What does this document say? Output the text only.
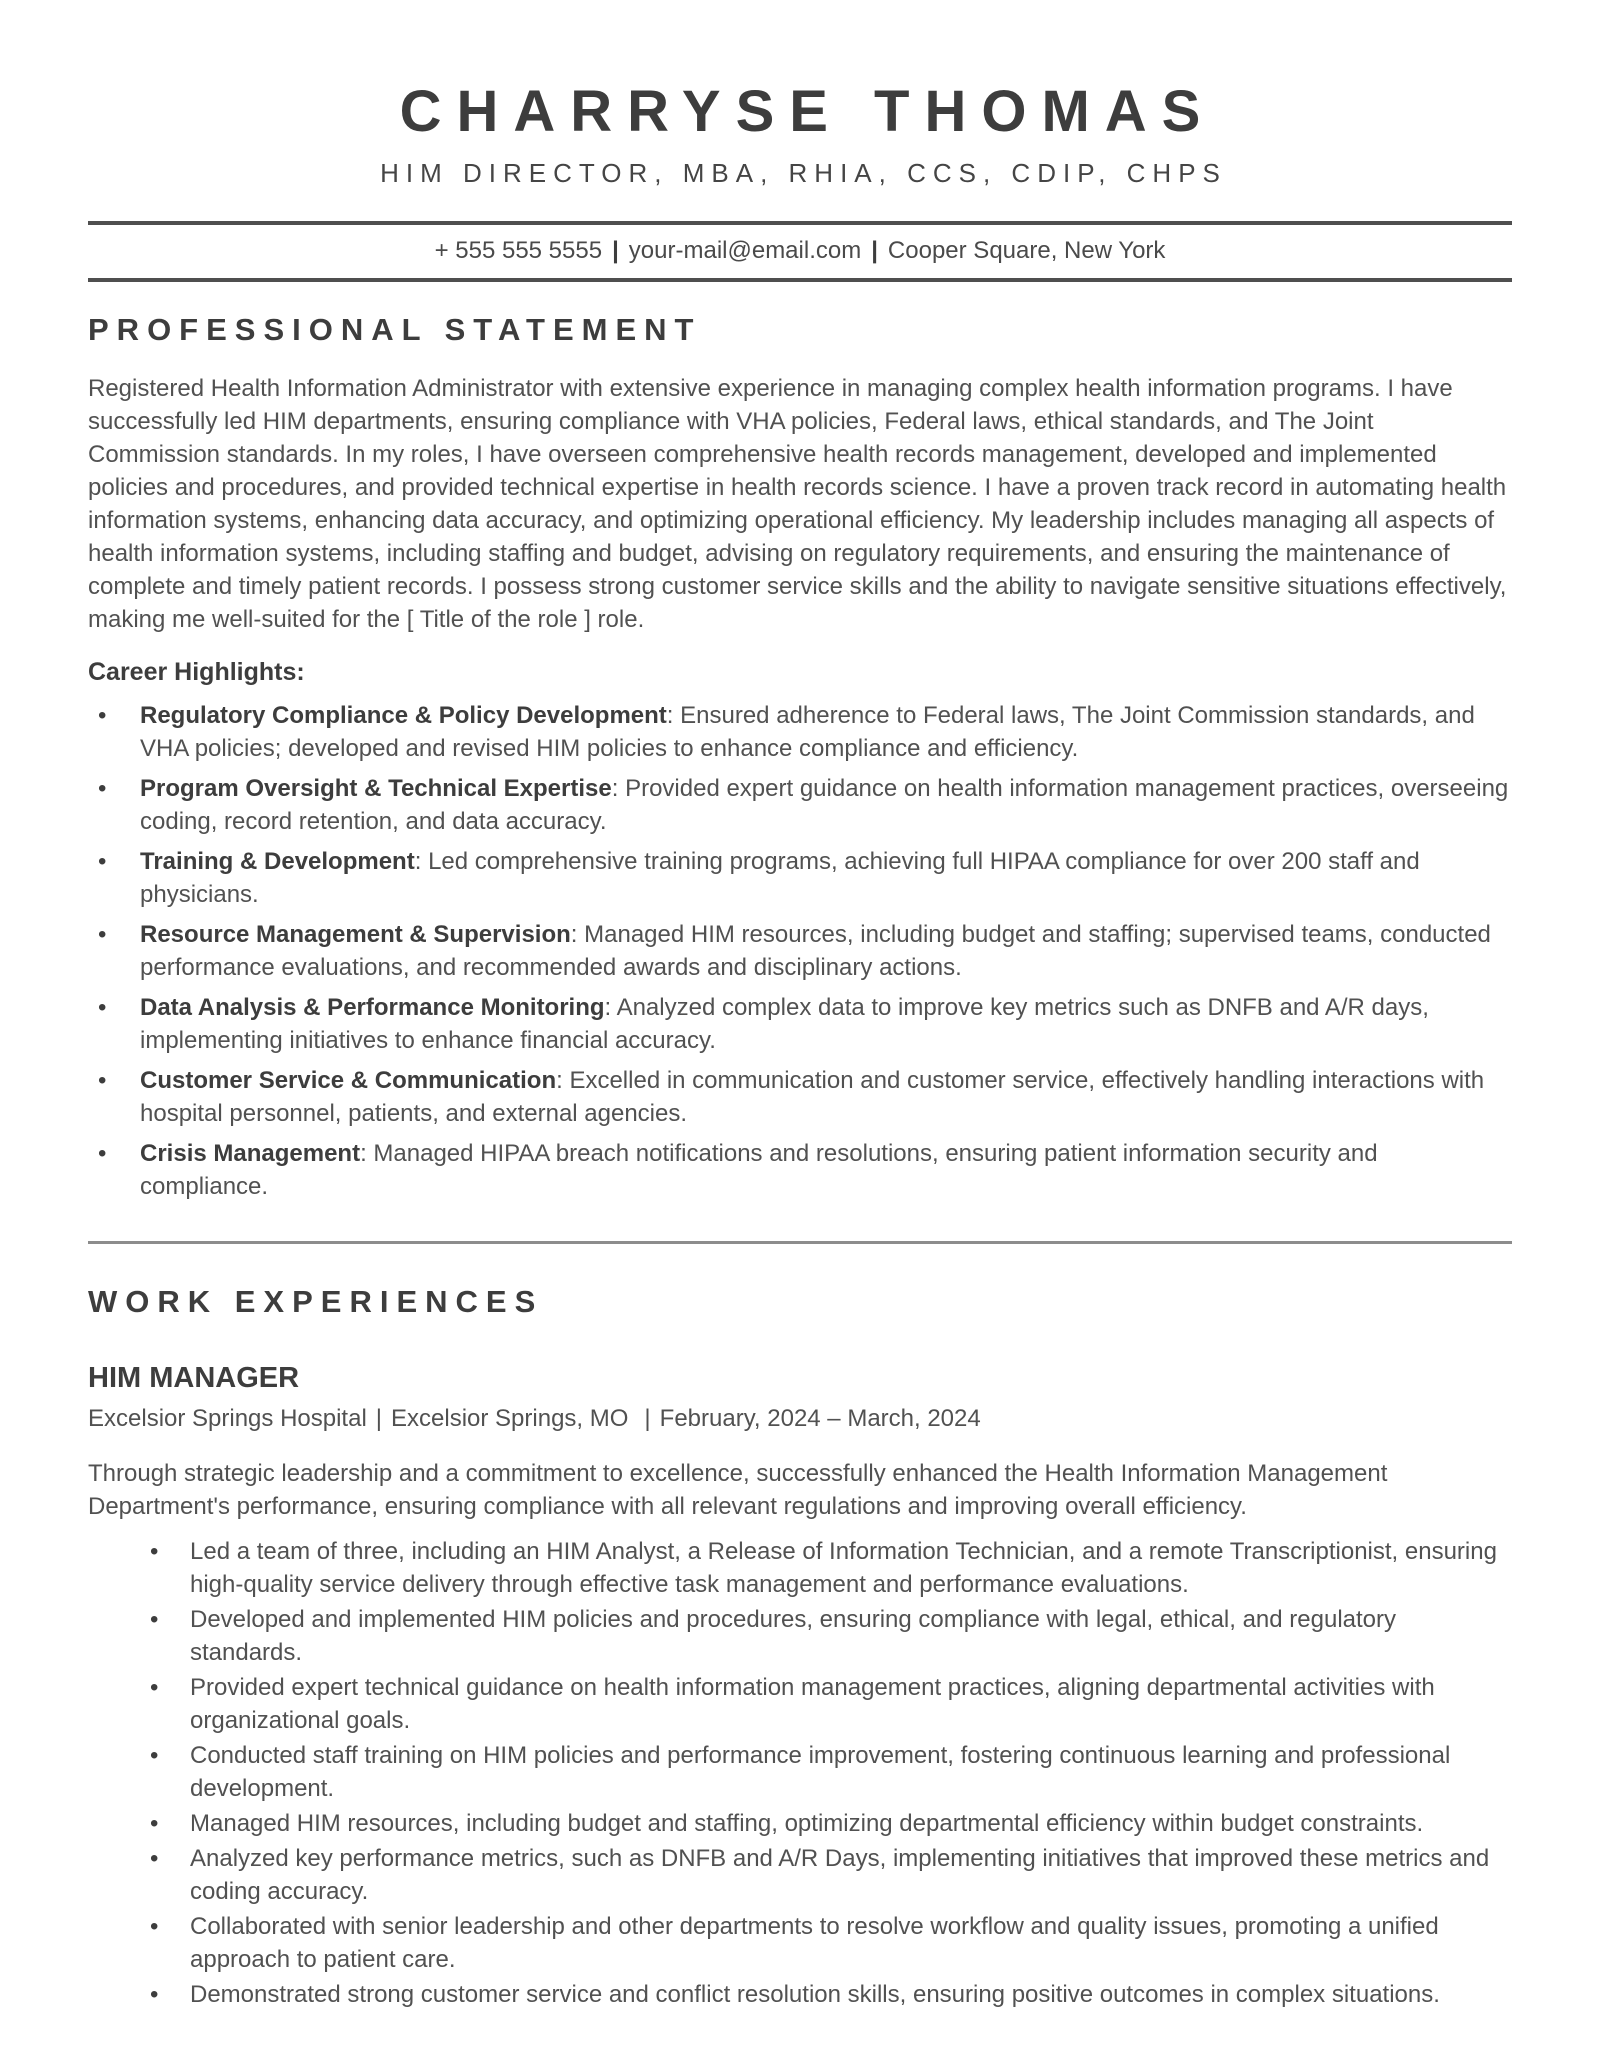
CHARRYSE THOMAS
HIM DIRECTOR, MBA, RHIA, CCS, CDIP, CHPS
+ 555 555 5555 | your-mail@email.com | Cooper Square, New York
PROFESSIONAL STATEMENT

Registered Health Information Administrator with extensive experience in managing complex health information programs. I have successfully led HIM departments, ensuring compliance with VHA policies, Federal laws, ethical standards, and The Joint Commission standards. In my roles, I have overseen comprehensive health records management, developed and implemented policies and procedures, and provided technical expertise in health records science. I have a proven track record in automating health information systems, enhancing data accuracy, and optimizing operational efficiency. My leadership includes managing all aspects of health information systems, including staffing and budget, advising on regulatory requirements, and ensuring the maintenance of complete and timely patient records. I possess strong customer service skills and the ability to navigate sensitive situations effectively, making me well-suited for the [ Title of the role ] role.

Career Highlights:
•	Regulatory Compliance & Policy Development: Ensured adherence to Federal laws, The Joint Commission standards, and VHA policies; developed and revised HIM policies to enhance compliance and efficiency.
•	Program Oversight & Technical Expertise: Provided expert guidance on health information management practices, overseeing coding, record retention, and data accuracy.
•	Training & Development: Led comprehensive training programs, achieving full HIPAA compliance for over 200 staff and physicians.
•	Resource Management & Supervision: Managed HIM resources, including budget and staffing; supervised teams, conducted performance evaluations, and recommended awards and disciplinary actions.
•	Data Analysis & Performance Monitoring: Analyzed complex data to improve key metrics such as DNFB and A/R days, implementing initiatives to enhance financial accuracy.
•	Customer Service & Communication: Excelled in communication and customer service, effectively handling interactions with hospital personnel, patients, and external agencies.
•	Crisis Management: Managed HIPAA breach notifications and resolutions, ensuring patient information security and compliance.
WORK EXPERIENCES
HIM MANAGER
Excelsior Springs Hospital | Excelsior Springs, MO | February, 2024 – March, 2024

Through strategic leadership and a commitment to excellence, successfully enhanced the Health Information Management Department's performance, ensuring compliance with all relevant regulations and improving overall efficiency.

•	Led a team of three, including an HIM Analyst, a Release of Information Technician, and a remote Transcriptionist, ensuring high-quality service delivery through effective task management and performance evaluations.
•	Developed and implemented HIM policies and procedures, ensuring compliance with legal, ethical, and regulatory standards.
•	Provided expert technical guidance on health information management practices, aligning departmental activities with organizational goals.
•	Conducted staff training on HIM policies and performance improvement, fostering continuous learning and professional development.
•	Managed HIM resources, including budget and staffing, optimizing departmental efficiency within budget constraints.
•	Analyzed key performance metrics, such as DNFB and A/R Days, implementing initiatives that improved these metrics and coding accuracy.
•	Collaborated with senior leadership and other departments to resolve workflow and quality issues, promoting a unified approach to patient care.
•	Demonstrated strong customer service and conflict resolution skills, ensuring positive outcomes in complex situations.
